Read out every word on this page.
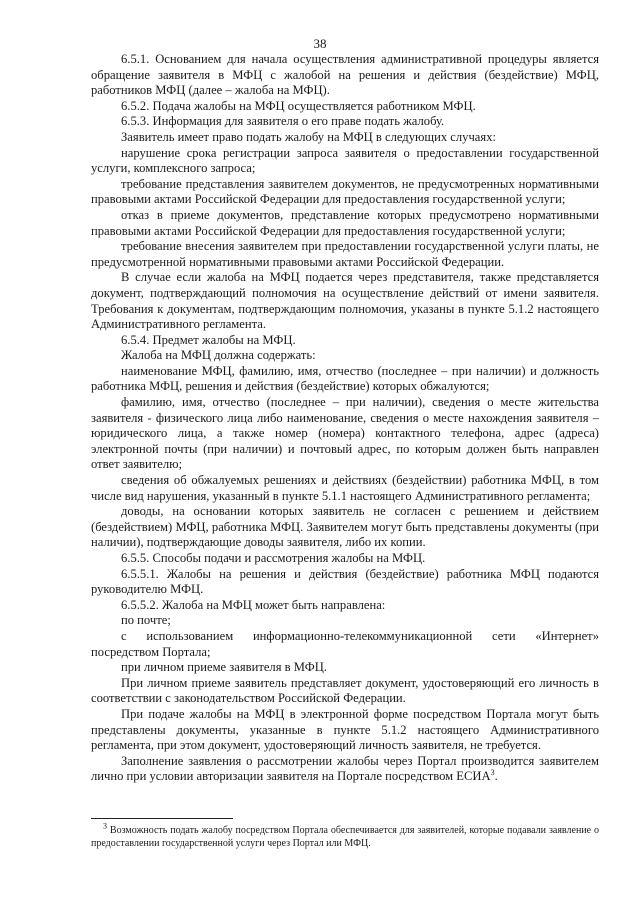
38

6.5.1. Основанием для начала осуществления административной процедуры является обращение заявителя в МФЦ с жалобой на решения и действия (бездействие) МФЦ, работников МФЦ (далее – жалоба на МФЦ).

6.5.2. Подача жалобы на МФЦ осуществляется работником МФЦ.

6.5.3. Информация для заявителя о его праве подать жалобу.

Заявитель имеет право подать жалобу на МФЦ в следующих случаях:

нарушение срока регистрации запроса заявителя о предоставлении государственной услуги, комплексного запроса;

требование представления заявителем документов, не предусмотренных нормативными правовыми актами Российской Федерации для предоставления государственной услуги;

отказ в приеме документов, представление которых предусмотрено нормативными правовыми актами Российской Федерации для предоставления государственной услуги;

требование внесения заявителем при предоставлении государственной услуги платы, не предусмотренной нормативными правовыми актами Российской Федерации.

В случае если жалоба на МФЦ подается через представителя, также представляется документ, подтверждающий полномочия на осуществление действий от имени заявителя. Требования к документам, подтверждающим полномочия, указаны в пункте 5.1.2 настоящего Административного регламента.

6.5.4. Предмет жалобы на МФЦ.

Жалоба на МФЦ должна содержать:

наименование МФЦ, фамилию, имя, отчество (последнее – при наличии) и должность работника МФЦ, решения и действия (бездействие) которых обжалуются;

фамилию, имя, отчество (последнее – при наличии), сведения о месте жительства заявителя - физического лица либо наименование, сведения о месте нахождения заявителя – юридического лица, а также номер (номера) контактного телефона, адрес (адреса) электронной почты (при наличии) и почтовый адрес, по которым должен быть направлен ответ заявителю;

сведения об обжалуемых решениях и действиях (бездействии) работника МФЦ, в том числе вид нарушения, указанный в пункте 5.1.1 настоящего Административного регламента;

доводы, на основании которых заявитель не согласен с решением и действием (бездействием) МФЦ, работника МФЦ. Заявителем могут быть представлены документы (при наличии), подтверждающие доводы заявителя, либо их копии.

6.5.5. Способы подачи и рассмотрения жалобы на МФЦ.

6.5.5.1. Жалобы на решения и действия (бездействие) работника МФЦ подаются руководителю МФЦ.

6.5.5.2. Жалоба на МФЦ может быть направлена:

по почте;

с использованием информационно-телекоммуникационной сети «Интернет» посредством Портала;

при личном приеме заявителя в МФЦ.

При личном приеме заявитель представляет документ, удостоверяющий его личность в соответствии с законодательством Российской Федерации.

При подаче жалобы на МФЦ в электронной форме посредством Портала могут быть представлены документы, указанные в пункте 5.1.2 настоящего Административного регламента, при этом документ, удостоверяющий личность заявителя, не требуется.

Заполнение заявления о рассмотрении жалобы через Портал производится заявителем лично при условии авторизации заявителя на Портале посредством ЕСИА$^3$.

$^3$ Возможность подать жалобу посредством Портала обеспечивается для заявителей, которые подавали заявление о предоставлении государственной услуги через Портал или МФЦ.
